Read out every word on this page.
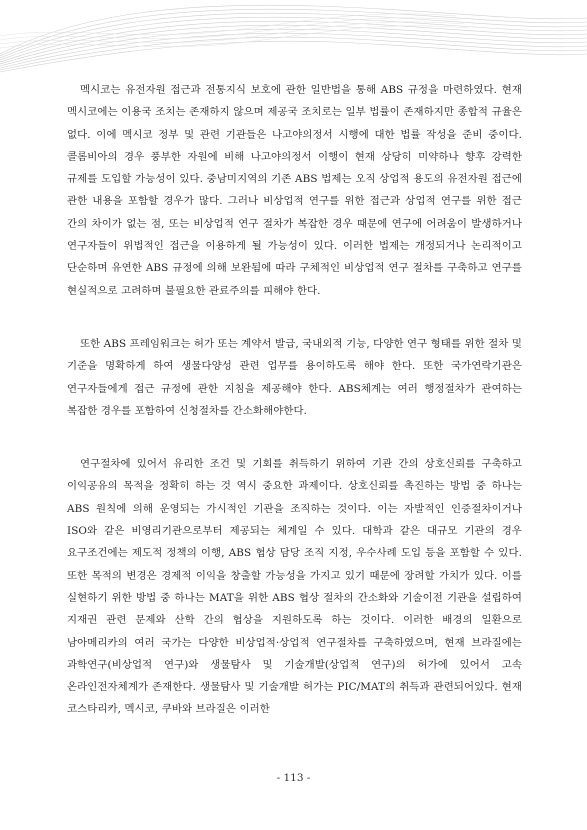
멕시코는 유전자원 접근과 전통지식 보호에 관한 일반법을 통해 ABS 규정을 마련하였다. 현재 멕시코에는 이용국 조치는 존재하지 않으며 제공국 조치로는 일부 법률이 존재하지만 종합적 규율은 없다. 이에 멕시코 정부 및 관련 기관들은 나고야의정서 시행에 대한 법률 작성을 준비 중이다. 콜롬비아의 경우 풍부한 자원에 비해 나고야의정서 이행이 현재 상당히 미약하나 향후 강력한 규제를 도입할 가능성이 있다. 중남미지역의 기존 ABS 법제는 오직 상업적 용도의 유전자원 접근에 관한 내용을 포함할 경우가 많다. 그러나 비상업적 연구를 위한 접근과 상업적 연구를 위한 접근 간의 차이가 없는 점, 또는 비상업적 연구 절차가 복잡한 경우 때문에 연구에 어려움이 발생하거나 연구자들이 위법적인 접근을 이용하게 될 가능성이 있다. 이러한 법제는 개정되거나 논리적이고 단순하며 유연한 ABS 규정에 의해 보완됨에 따라 구체적인 비상업적 연구 절차를 구축하고 연구를 현실적으로 고려하며 불필요한 관료주의를 피해야 한다.

또한 ABS 프레임워크는 허가 또는 계약서 발급, 국내외적 기능, 다양한 연구 형태를 위한 절차 및 기준을 명확하게 하여 생물다양성 관련 업무를 용이하도록 해야 한다. 또한 국가연락기관은 연구자들에게 접근 규정에 관한 지침을 제공해야 한다. ABS체계는 여러 행정절차가 관여하는 복잡한 경우를 포함하여 신청절차를 간소화해야한다.

연구절차에 있어서 유리한 조건 및 기회를 취득하기 위하여 기관 간의 상호신뢰를 구축하고 이익공유의 목적을 정확히 하는 것 역시 중요한 과제이다. 상호신뢰를 촉진하는 방법 중 하나는 ABS 원칙에 의해 운영되는 가시적인 기관을 조직하는 것이다. 이는 자발적인 인증절차이거나 ISO와 같은 비영리기관으로부터 제공되는 체계일 수 있다. 대학과 같은 대규모 기관의 경우 요구조건에는 제도적 정책의 이행, ABS 협상 담당 조직 지정, 우수사례 도입 등을 포함할 수 있다. 또한 목적의 변경은 경제적 이익을 창출할 가능성을 가지고 있기 때문에 장려할 가치가 있다. 이를 실현하기 위한 방법 중 하나는 MAT을 위한 ABS 협상 절차의 간소화와 기술이전 기관을 설립하여 지재권 관련 문제와 산학 간의 협상을 지원하도록 하는 것이다. 이러한 배경의 일환으로 남아메리카의 여러 국가는 다양한 비상업적·상업적 연구절차를 구축하였으며, 현재 브라질에는 과학연구(비상업적 연구)와 생물탐사 및 기술개발(상업적 연구)의 허가에 있어서 고속 온라인전자체계가 존재한다. 생물탐사 및 기술개발 허가는 PIC/MAT의 취득과 관련되어있다. 현재 코스타리카, 멕시코, 쿠바와 브라질은 이러한

- 113 -
